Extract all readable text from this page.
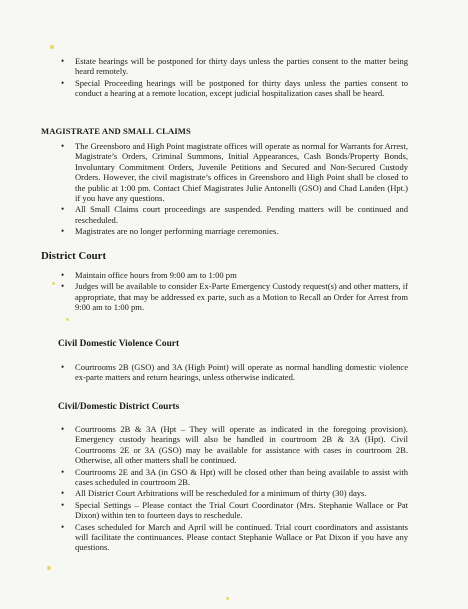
• Estate hearings will be postponed for thirty days unless the parties consent to the matter being heard remotely.
• Special Proceeding hearings will be postponed for thirty days unless the parties consent to conduct a hearing at a remote location, except judicial hospitalization cases shall be heard.
MAGISTRATE AND SMALL CLAIMS
• The Greensboro and High Point magistrate offices will operate as normal for Warrants for Arrest, Magistrate’s Orders, Criminal Summons, Initial Appearances, Cash Bonds/Property Bonds, Involuntary Commitment Orders, Juvenile Petitions and Secured and Non-Secured Custody Orders. However, the civil magistrate’s offices in Greensboro and High Point shall be closed to the public at 1:00 pm. Contact Chief Magistrates Julie Antonelli (GSO) and Chad Landen (Hpt.) if you have any questions.
• All Small Claims court proceedings are suspended. Pending matters will be continued and rescheduled.
• Magistrates are no longer performing marriage ceremonies.
District Court
• Maintain office hours from 9:00 am to 1:00 pm
• Judges will be available to consider Ex-Parte Emergency Custody request(s) and other matters, if appropriate, that may be addressed ex parte, such as a Motion to Recall an Order for Arrest from 9:00 am to 1:00 pm.
Civil Domestic Violence Court
• Courtrooms 2B (GSO) and 3A (High Point) will operate as normal handling domestic violence ex-parte matters and return hearings, unless otherwise indicated.
Civil/Domestic District Courts
• Courtrooms 2B & 3A (Hpt – They will operate as indicated in the foregoing provision). Emergency custody hearings will also be handled in courtroom 2B & 3A (Hpt). Civil Courtrooms 2E or 3A (GSO) may be available for assistance with cases in courtroom 2B. Otherwise, all other matters shall be continued.
• Courtrooms 2E and 3A (in GSO & Hpt) will be closed other than being available to assist with cases scheduled in courtroom 2B.
• All District Court Arbitrations will be rescheduled for a minimum of thirty (30) days.
• Special Settings – Please contact the Trial Court Coordinator (Mrs. Stephanie Wallace or Pat Dixon) within ten to fourteen days to reschedule.
• Cases scheduled for March and April will be continued. Trial court coordinators and assistants will facilitate the continuances. Please contact Stephanie Wallace or Pat Dixon if you have any questions.
